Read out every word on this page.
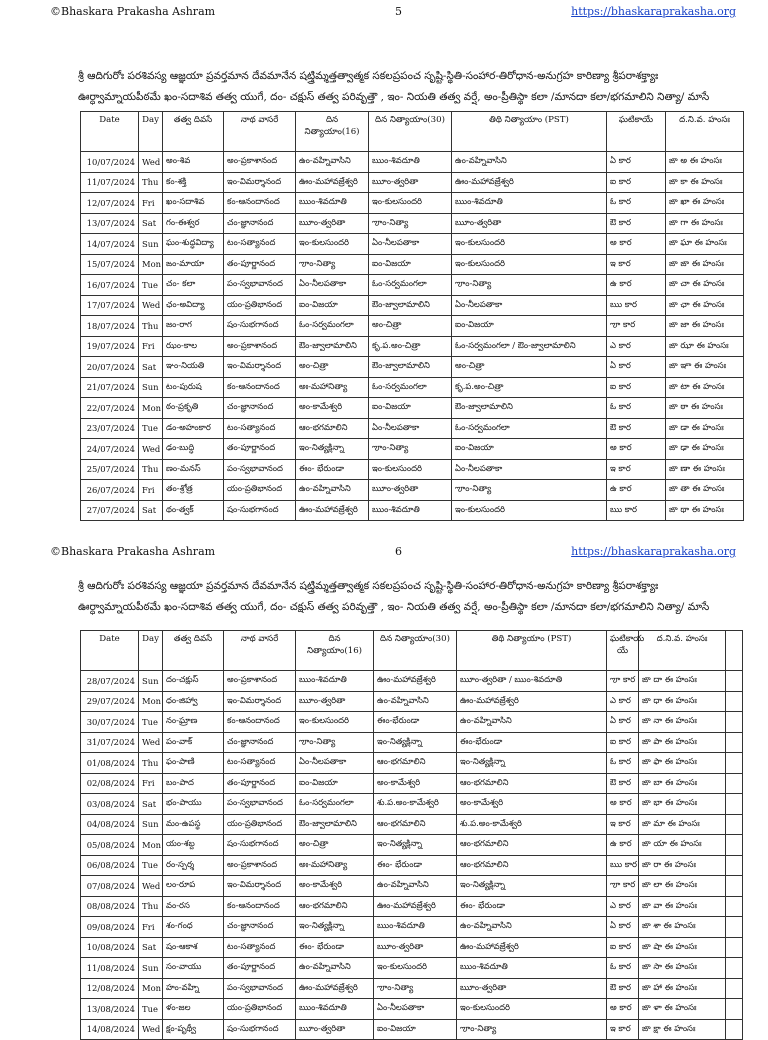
©Bhaskara Prakasha Ashram	5	https://bhaskaraprakasha.org
శ్రీ ఆదిగురోః పరశివస్య ఆజ్ఞయా ప్రవర్తమాన దేవమానేన షట్త్రిమ్శత్తత్వాత్మక సకలప్రపంచ సృష్టి-స్థితి-సంహార-తిరోధాన-అనుగ్రహ కారిణ్యా శ్రీపరాశక్త్యాః
ఊర్ధ్వామ్నాయపీఠమే ఖం-సదాశివ తత్వ యుగే, దం- చక్షుస్ తత్వ పరివృత్తౌ , ఇం- నియతి తత్వ వర్షే, అం-ప్రీతిస్థా కలా /మానదా కలా/భగమాలిని నిత్యా/ మాసే
Date	Day	తత్వ దివసే	నాథ వాసరే	దిన
నిత్యాయాం(16)	దిన నిత్యాయాం(30)	తిథి నిత్యాయాం (PST)	ఘటికాయే	ద.ని.వ. హంసః
10/07/2024	Wed	అం-శివ	అం-ప్రకాశానంద	ఉం-వహ్నివాసిని	ఋం-శివదూతి	ఉం-వహ్నివాసిని	ఏ కార	ఙా అ ఈ హంసః
11/07/2024	Thu	కం-శక్తి	ఇం-విమర్శానంద	ఊం-మహావజ్రేశ్వరి	ౠం-త్వరితా	ఊం-మహావజ్రేశ్వరి	ఐ కార	ఙా కా ఈ హంసః
12/07/2024	Fri	ఖం-సదాశివ	కం-ఆనందానంద	ఋం-శివదూతి	ఇం-కులసుందరి	ఋం-శివదూతి	ఓ కార	ఙా ఖా ఈ హంసః
13/07/2024	Sat	గం-ఈశ్వర	చం-జ్ఞానానంద	ౠం-త్వరితా	ౡం-నిత్యా	ౠం-త్వరితా	ఔ కార	ఙా గా ఈ హంసః
14/07/2024	Sun	ఘం-శుద్ధవిద్యా	టం-సత్యానంద	ఇం-కులసుందరి	ఏం-నీలపతాకా	ఇం-కులసుందరి	అ కార	ఙా ఘా ఈ హంసః
15/07/2024	Mon	ఙం-మాయా	తం-పూర్ణానంద	ౡం-నిత్యా	ఐం-విజయా	ఇం-కులసుందరి	ఇ కార	ఙా ఙా ఈ హంసః
16/07/2024	Tue	చం- కలా	పం-స్వభావానంద	ఏం-నీలపతాకా	ఓం-సర్వమంగలా	ౡం-నిత్యా	ఉ కార	ఙా చా ఈ హంసః
17/07/2024	Wed	ఛం-అవిద్యా	యం-ప్రతిభానంద	ఐం-విజయా	ఔం-జ్వాలామాలిని	ఏం-నీలపతాకా	ఋ కార	ఙా ఛా ఈ హంసః
18/07/2024	Thu	జం-రాగ	షం-సుభగానంద	ఓం-సర్వమంగలా	అం-చిత్రా	ఐం-విజయా	ౡ కార	ఙా జా ఈ హంసః
19/07/2024	Fri	ఝం-కాల	అం-ప్రకాశానంద	ఔం-జ్వాలామాలిని	కృ.ప.అం-చిత్రా	ఓం-సర్వమంగలా / ఔం-జ్వాలామాలిని	ఎ కార	ఙా ఝా ఈ హంసః
20/07/2024	Sat	ఞం-నియతి	ఇం-విమర్శానంద	అం-చిత్రా	ఔం-జ్వాలామాలిని	అం-చిత్రా	ఏ కార	ఙా ఞా ఈ హంసః
21/07/2024	Sun	టం-పురుష	కం-ఆనందానంద	అః-మహానిత్యా	ఓం-సర్వమంగలా	కృ.ప.అం-చిత్రా	ఐ కార	ఙా టా ఈ హంసః
22/07/2024	Mon	ఠం-ప్రకృతి	చం-జ్ఞానానంద	అం-కామేశ్వరి	ఐం-విజయా	ఔం-జ్వాలామాలిని	ఓ కార	ఙా ఠా ఈ హంసః
23/07/2024	Tue	డం-అహంకార	టం-సత్యానంద	ఆం-భగమాలిని	ఏం-నీలపతాకా	ఓం-సర్వమంగలా	ఔ కార	ఙా డా ఈ హంసః
24/07/2024	Wed	ఢం-బుద్ధి	తం-పూర్ణానంద	ఇం-నిత్యక్లిన్నా	ౡం-నిత్యా	ఐం-విజయా	అ కార	ఙా ఢా ఈ హంసః
25/07/2024	Thu	ణం-మనస్	పం-స్వభావానంద	ఈం- భేరుండా	ఇం-కులసుందరి	ఏం-నీలపతాకా	ఇ కార	ఙా ణా ఈ హంసః
26/07/2024	Fri	తం-శ్రోత్ర	యం-ప్రతిభానంద	ఉం-వహ్నివాసిని	ౠం-త్వరితా	ౡం-నిత్యా	ఉ కార	ఙా తా ఈ హంసః
27/07/2024	Sat	థం-త్వక్	షం-సుభగానంద	ఊం-మహావజ్రేశ్వరి	ఋం-శివదూతి	ఇం-కులసుందరి	ఋ కార	ఙా థా ఈ హంసః
©Bhaskara Prakasha Ashram	6	https://bhaskaraprakasha.org
శ్రీ ఆదిగురోః పరశివస్య ఆజ్ఞయా ప్రవర్తమాన దేవమానేన షట్త్రిమ్శత్తత్వాత్మక సకలప్రపంచ సృష్టి-స్థితి-సంహార-తిరోధాన-అనుగ్రహ కారిణ్యా శ్రీపరాశక్త్యాః
ఊర్ధ్వామ్నాయపీఠమే ఖం-సదాశివ తత్వ యుగే, దం- చక్షుస్ తత్వ పరివృత్తౌ , ఇం- నియతి తత్వ వర్షే, అం-ప్రీతిస్థా కలా /మానదా కలా/భగమాలిని నిత్యా/ మాసే
Date	Day	తత్వ దివసే	నాథ వాసరే	దిన
నిత్యాయాం(16)	దిన నిత్యాయాం(30)	తిథి నిత్యాయాం (PST)	ఘటికాయ
యే	ద.ని.వ. హంసః	
28/07/2024	Sun	దం-చక్షుస్	అం-ప్రకాశానంద	ఋం-శివదూతి	ఊం-మహావజ్రేశ్వరి	ౠం-త్వరితా / ఋం-శివదూతి	ౡ కార	ఙా దా ఈ హంసః	
29/07/2024	Mon	ధం-జిహ్వా	ఇం-విమర్శానంద	ౠం-త్వరితా	ఉం-వహ్నివాసిని	ఊం-మహావజ్రేశ్వరి	ఎ కార	ఙా ధా ఈ హంసః	
30/07/2024	Tue	నం-ఘ్రాణ	కం-ఆనందానంద	ఇం-కులసుందరి	ఈం-భేరుండా	ఉం-వహ్నివాసిని	ఏ కార	ఙా నా ఈ హంసః	
31/07/2024	Wed	పం-వాక్	చం-జ్ఞానానంద	ౡం-నిత్యా	ఇం-నిత్యక్లిన్నా	ఈం-భేరుండా	ఐ కార	ఙా పా ఈ హంసః	
01/08/2024	Thu	ఫం-పాణి	టం-సత్యానంద	ఏం-నీలపతాకా	ఆం-భగమాలిని	ఇం-నిత్యక్లిన్నా	ఓ కార	ఙా ఫా ఈ హంసః	
02/08/2024	Fri	బం-పాద	తం-పూర్ణానంద	ఐం-విజయా	అం-కామేశ్వరి	ఆం-భగమాలిని	ఔ కార	ఙా బా ఈ హంసః	
03/08/2024	Sat	భం-పాయు	పం-స్వభావానంద	ఓం-సర్వమంగలా	శు.ప.అం-కామేశ్వరి	అం-కామేశ్వరి	అ కార	ఙా భా ఈ హంసః	
04/08/2024	Sun	మం-ఉపస్థ	యం-ప్రతిభానంద	ఔం-జ్వాలామాలిని	ఆం-భగమాలిని	శు.ప.అం-కామేశ్వరి	ఇ కార	ఙా మా ఈ హంసః	
05/08/2024	Mon	యం-శబ్ద	షం-సుభగానంద	అం-చిత్రా	ఇం-నిత్యక్లిన్నా	ఆం-భగమాలిని	ఉ కార	ఙా యా ఈ హంసః	
06/08/2024	Tue	రం-స్పర్శ	అం-ప్రకాశానంద	అః-మహానిత్యా	ఈం- భేరుండా	ఆం-భగమాలిని	ఋ కార	ఙా రా ఈ హంసః	
07/08/2024	Wed	లం-రూప	ఇం-విమర్శానంద	అం-కామేశ్వరి	ఉం-వహ్నివాసిని	ఇం-నిత్యక్లిన్నా	ౡ కార	ఙా లా ఈ హంసః	
08/08/2024	Thu	వం-రస	కం-ఆనందానంద	ఆం-భగమాలిని	ఊం-మహావజ్రేశ్వరి	ఈం- భేరుండా	ఎ కార	ఙా వా ఈ హంసః	
09/08/2024	Fri	శం-గంధ	చం-జ్ఞానానంద	ఇం-నిత్యక్లిన్నా	ఋం-శివదూతి	ఉం-వహ్నివాసిని	ఏ కార	ఙా శా ఈ హంసః	
10/08/2024	Sat	షం-ఆకాశ	టం-సత్యానంద	ఈం- భేరుండా	ౠం-త్వరితా	ఊం-మహావజ్రేశ్వరి	ఐ కార	ఙా షా ఈ హంసః	
11/08/2024	Sun	సం-వాయు	తం-పూర్ణానంద	ఉం-వహ్నివాసిని	ఇం-కులసుందరి	ఋం-శివదూతి	ఓ కార	ఙా సా ఈ హంసః	
12/08/2024	Mon	హం-వహ్ని	పం-స్వభావానంద	ఊం-మహావజ్రేశ్వరి	ౡం-నిత్యా	ౠం-త్వరితా	ఔ కార	ఙా హా ఈ హంసః	
13/08/2024	Tue	ళం-జల	యం-ప్రతిభానంద	ఋం-శివదూతి	ఏం-నీలపతాకా	ఇం-కులసుందరి	అ కార	ఙా ళా ఈ హంసః	
14/08/2024	Wed	క్షం-పృథ్వీ	షం-సుభగానంద	ౠం-త్వరితా	ఐం-విజయా	ౡం-నిత్యా	ఇ కార	ఙా క్షా ఈ హంసః	
